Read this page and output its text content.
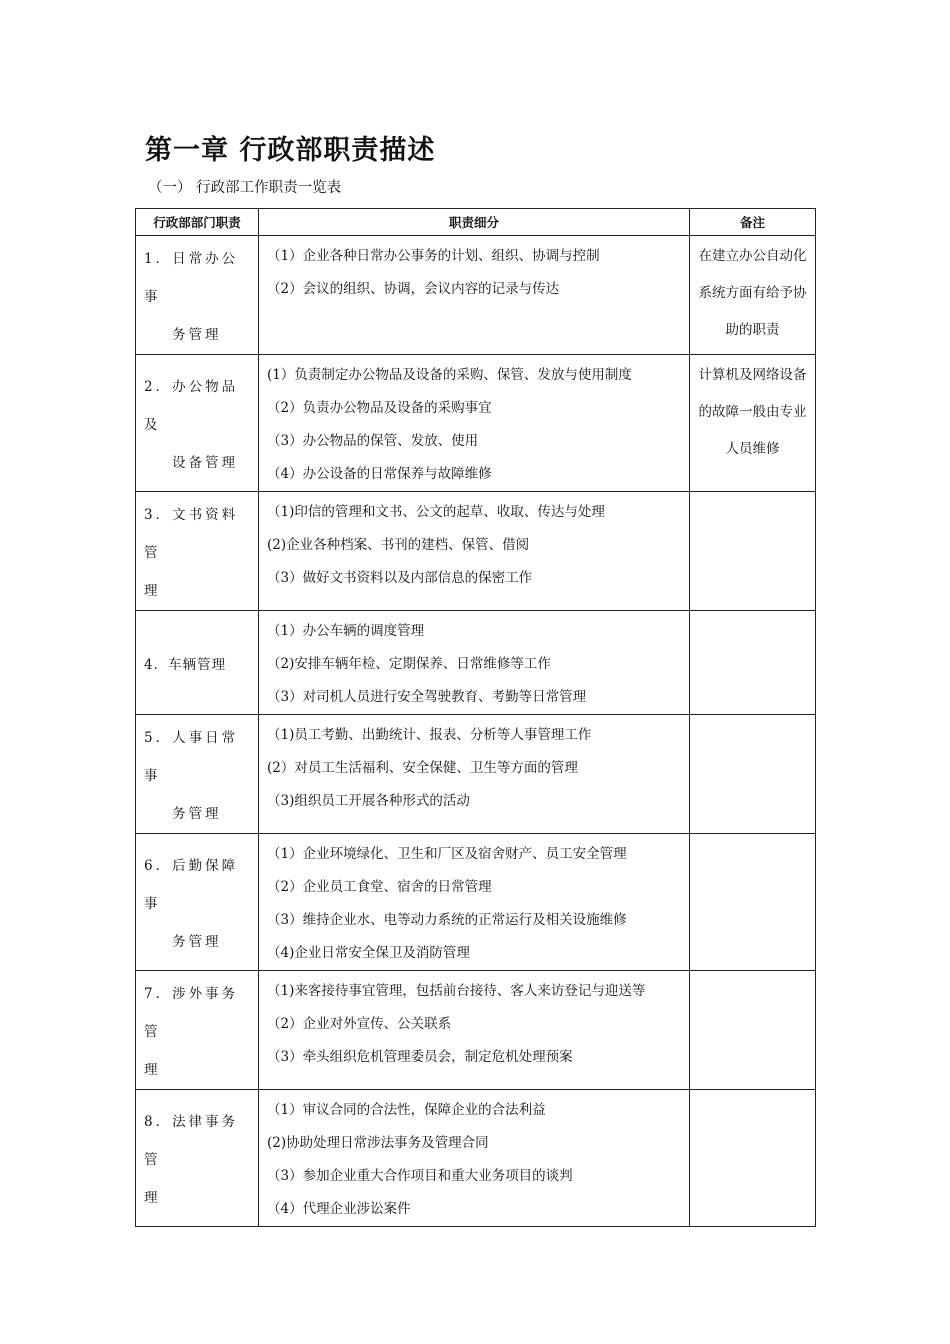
第一章 行政部职责描述

（一） 行政部工作职责一览表

行政部部门职责	职责细分	备注
1．日常办公事
务管理	（1）企业各种日常办公事务的计划、组织、协调与控制
（2）会议的组织、协调，会议内容的记录与传达	在建立办公自动化系统方面有给予协助的职责
2．办公物品及
设备管理	(1）负责制定办公物品及设备的采购、保管、发放与使用制度
（2）负责办公物品及设备的采购事宜
（3）办公物品的保管、发放、使用
（4）办公设备的日常保养与故障维修	计算机及网络设备的故障一般由专业人员维修
3．文书资料管
理	（1)印信的管理和文书、公文的起草、收取、传达与处理
(2)企业各种档案、书刊的建档、保管、借阅
（3）做好文书资料以及内部信息的保密工作	

4．车辆管理	（1）办公车辆的调度管理
（2)安排车辆年检、定期保养、日常维修等工作
（3）对司机人员进行安全驾驶教育、考勤等日常管理	

5．人事日常事
务管理	（1)员工考勤、出勤统计、报表、分析等人事管理工作
(2）对员工生活福利、安全保健、卫生等方面的管理
（3)组织员工开展各种形式的活动	

6．后勤保障事
务管理	（1）企业环境绿化、卫生和厂区及宿舍财产、员工安全管理
（2）企业员工食堂、宿舍的日常管理
（3）维持企业水、电等动力系统的正常运行及相关设施维修
（4)企业日常安全保卫及消防管理	

7．涉外事务管
理	（1)来客接待事宜管理，包括前台接待、客人来访登记与迎送等
（2）企业对外宣传、公关联系
（3）牵头组织危机管理委员会，制定危机处理预案	

8．法律事务管
理	（1）审议合同的合法性，保障企业的合法利益
(2)协助处理日常涉法事务及管理合同
（3）参加企业重大合作项目和重大业务项目的谈判
（4）代理企业涉讼案件	
